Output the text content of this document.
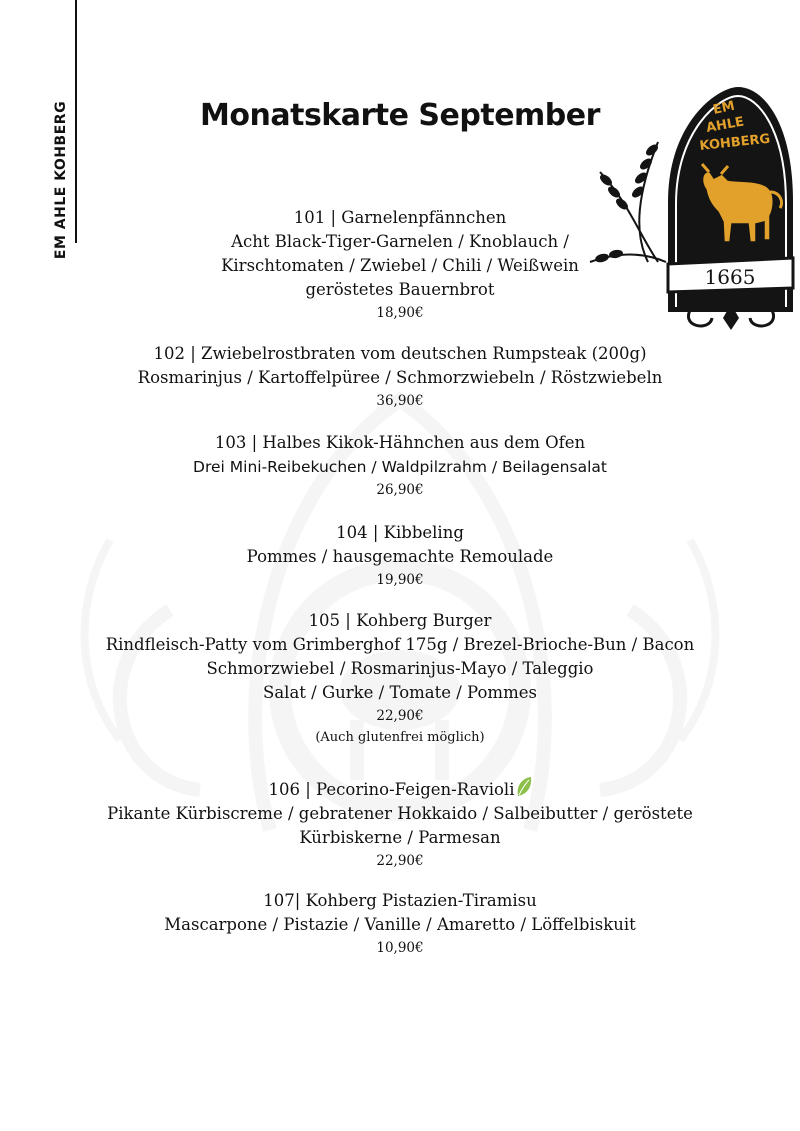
EM AHLE KOHBERG	Monatskarte September	EM
AHLE
KOHBERG
1665
101 | Garnelenpfännchen
Acht Black-Tiger-Garnelen / Knoblauch /
Kirschtomaten / Zwiebel / Chili / Weißwein
geröstetes Bauernbrot
18,90€
102 | Zwiebelrostbraten vom deutschen Rumpsteak (200g)
Rosmarinjus / Kartoffelpüree / Schmorzwiebeln / Röstzwiebeln
36,90€
103 | Halbes Kikok-Hähnchen aus dem Ofen
Drei Mini-Reibekuchen / Waldpilzrahm / Beilagensalat
26,90€
104 | Kibbeling
Pommes / hausgemachte Remoulade
19,90€
105 | Kohberg Burger
Rindfleisch-Patty vom Grimberghof 175g / Brezel-Brioche-Bun / Bacon
Schmorzwiebel / Rosmarinjus-Mayo / Taleggio
Salat / Gurke / Tomate / Pommes
22,90€
(Auch glutenfrei möglich)
106 | Pecorino-Feigen-Ravioli
Pikante Kürbiscreme / gebratener Hokkaido / Salbeibutter / geröstete
Kürbiskerne / Parmesan
22,90€
107| Kohberg Pistazien-Tiramisu
Mascarpone / Pistazie / Vanille / Amaretto / Löffelbiskuit
10,90€
